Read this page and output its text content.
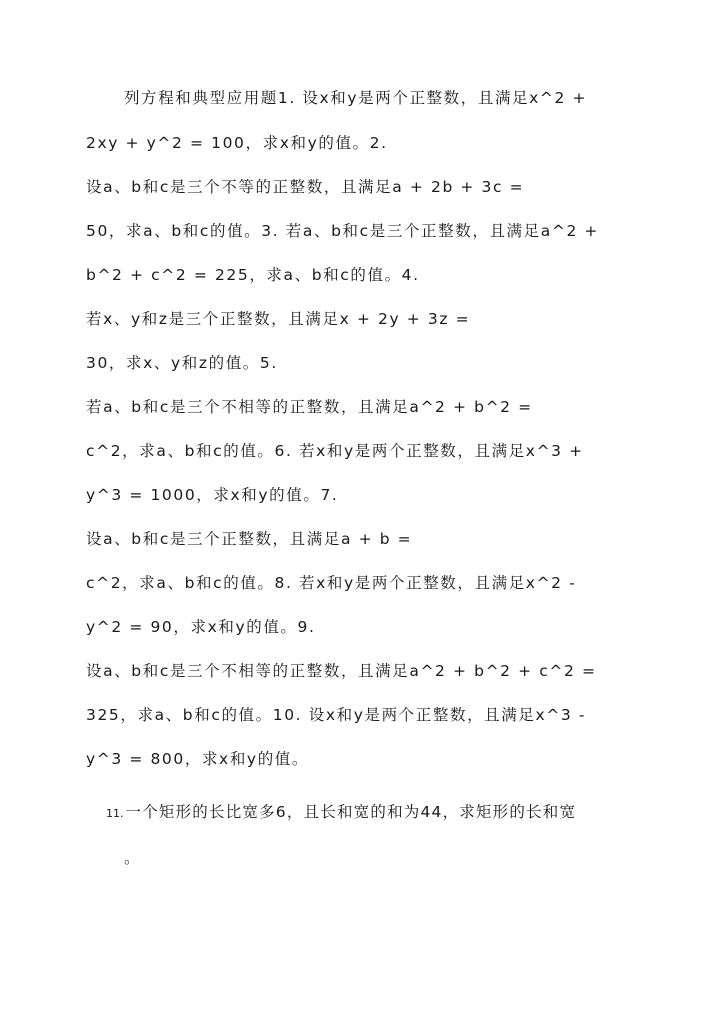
列方程和典型应用题1. 设x和y是两个正整数，且满足x^2 +

2xy + y^2 = 100，求x和y的值。2.

设a、b和c是三个不等的正整数，且满足a + 2b + 3c =

50，求a、b和c的值。3. 若a、b和c是三个正整数，且满足a^2 +

b^2 + c^2 = 225，求a、b和c的值。4.

若x、y和z是三个正整数，且满足x + 2y + 3z =

30，求x、y和z的值。5.

若a、b和c是三个不相等的正整数，且满足a^2 + b^2 =

c^2，求a、b和c的值。6. 若x和y是两个正整数，且满足x^3 +

y^3 = 1000，求x和y的值。7.

设a、b和c是三个正整数，且满足a + b =

c^2，求a、b和c的值。8. 若x和y是两个正整数，且满足x^2 -

y^2 = 90，求x和y的值。9.

设a、b和c是三个不相等的正整数，且满足a^2 + b^2 + c^2 =

325，求a、b和c的值。10. 设x和y是两个正整数，且满足x^3 -

y^3 = 800，求x和y的值。

11. 一个矩形的长比宽多6，且长和宽的和为44，求矩形的长和宽
。
